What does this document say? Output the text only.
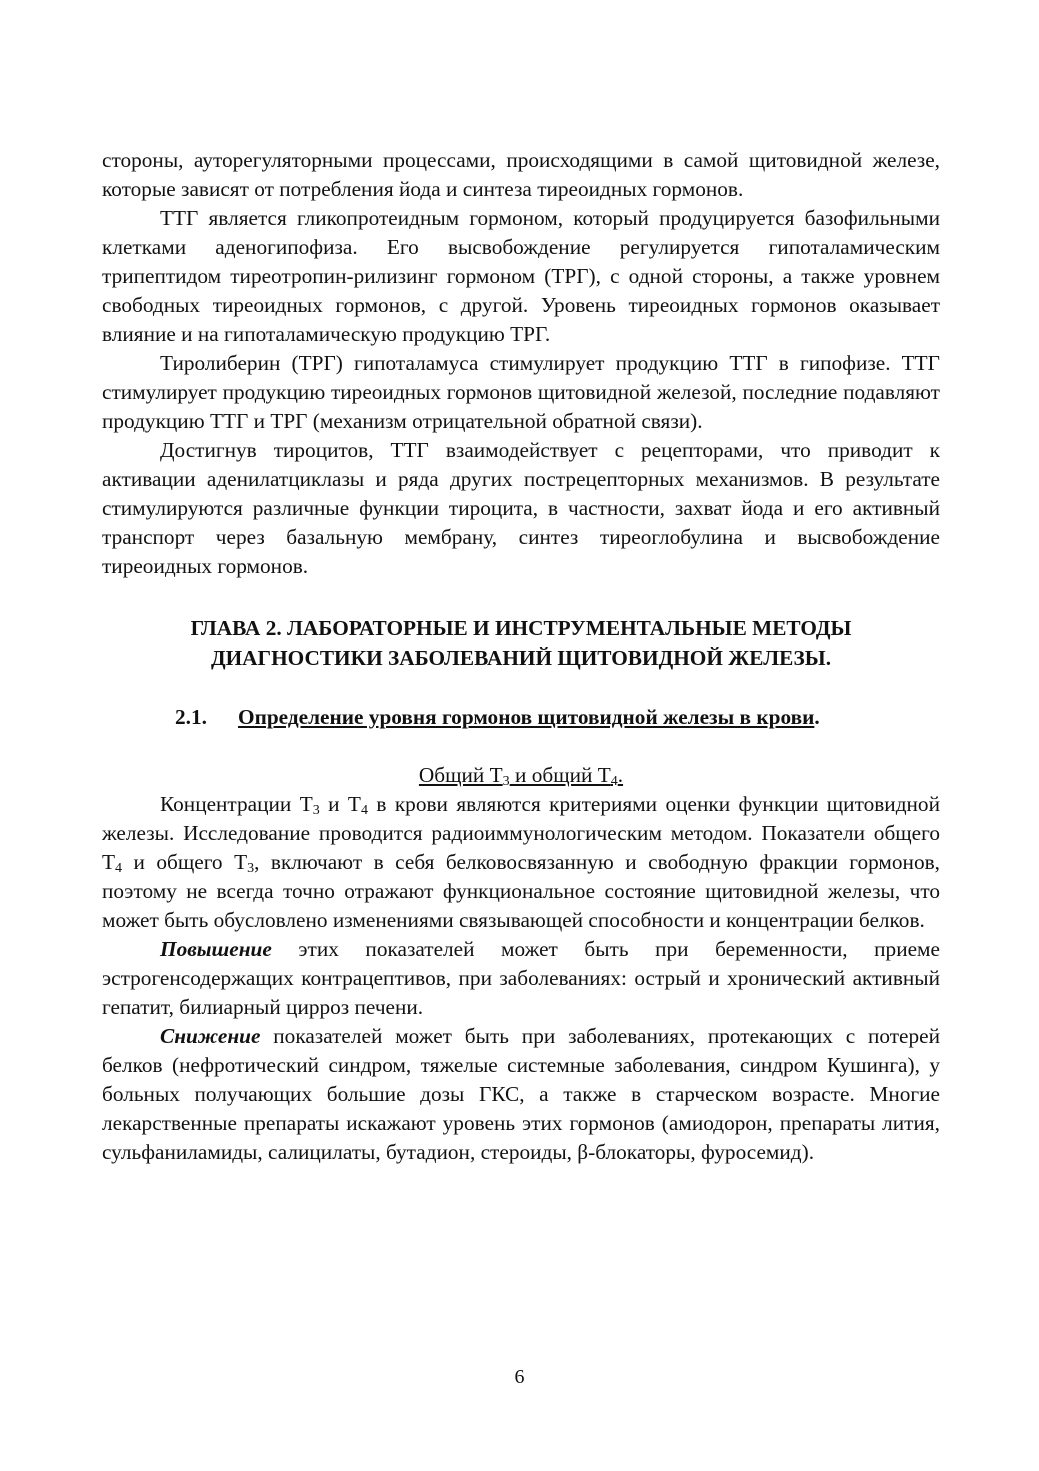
стороны, ауторегуляторными процессами, происходящими в самой щитовидной железе, которые зависят от потребления йода и синтеза тиреоидных гормонов.

ТТГ является гликопротеидным гормоном, который продуцируется базофильными клетками аденогипофиза. Его высвобождение регулируется гипоталамическим трипептидом тиреотропин-рилизинг гормоном (ТРГ), с одной стороны, а также уровнем свободных тиреоидных гормонов, с другой. Уровень тиреоидных гормонов оказывает влияние и на гипоталамическую продукцию ТРГ.

Тиролиберин (ТРГ) гипоталамуса стимулирует продукцию ТТГ в гипофизе. ТТГ стимулирует продукцию тиреоидных гормонов щитовидной железой, последние подавляют продукцию ТТГ и ТРГ (механизм отрицательной обратной связи).

Достигнув тироцитов, ТТГ взаимодействует с рецепторами, что приводит к активации аденилатциклазы и ряда других пострецепторных механизмов. В результате стимулируются различные функции тироцита, в частности, захват йода и его активный транспорт через базальную мембрану, синтез тиреоглобулина и высвобождение тиреоидных гормонов.

ГЛАВА 2. ЛАБОРАТОРНЫЕ И ИНСТРУМЕНТАЛЬНЫЕ МЕТОДЫ
ДИАГНОСТИКИ ЗАБОЛЕВАНИЙ ЩИТОВИДНОЙ ЖЕЛЕЗЫ.
2.1.	Определение уровня гормонов щитовидной железы в крови.
Общий $Т_3$ и общий $Т_4$.

Концентрации $Т_3$ и $Т_4$ в крови являются критериями оценки функции щитовидной железы. Исследование проводится радиоиммунологическим методом. Показатели общего $Т_4$ и общего $Т_3$, включают в себя белковосвязанную и свободную фракции гормонов, поэтому не всегда точно отражают функциональное состояние щитовидной железы, что может быть обусловлено изменениями связывающей способности и концентрации белков.

Повышение этих показателей может быть при беременности, приеме эстрогенсодержащих контрацептивов, при заболеваниях: острый и хронический активный гепатит, билиарный цирроз печени.

Снижение показателей может быть при заболеваниях, протекающих с потерей белков (нефротический синдром, тяжелые системные заболевания, синдром Кушинга), у больных получающих большие дозы ГКС, а также в старческом возрасте. Многие лекарственные препараты искажают уровень этих гормонов (амиодорон, препараты лития, сульфаниламиды, салицилаты, бутадион, стероиды, β-блокаторы, фуросемид).

6
